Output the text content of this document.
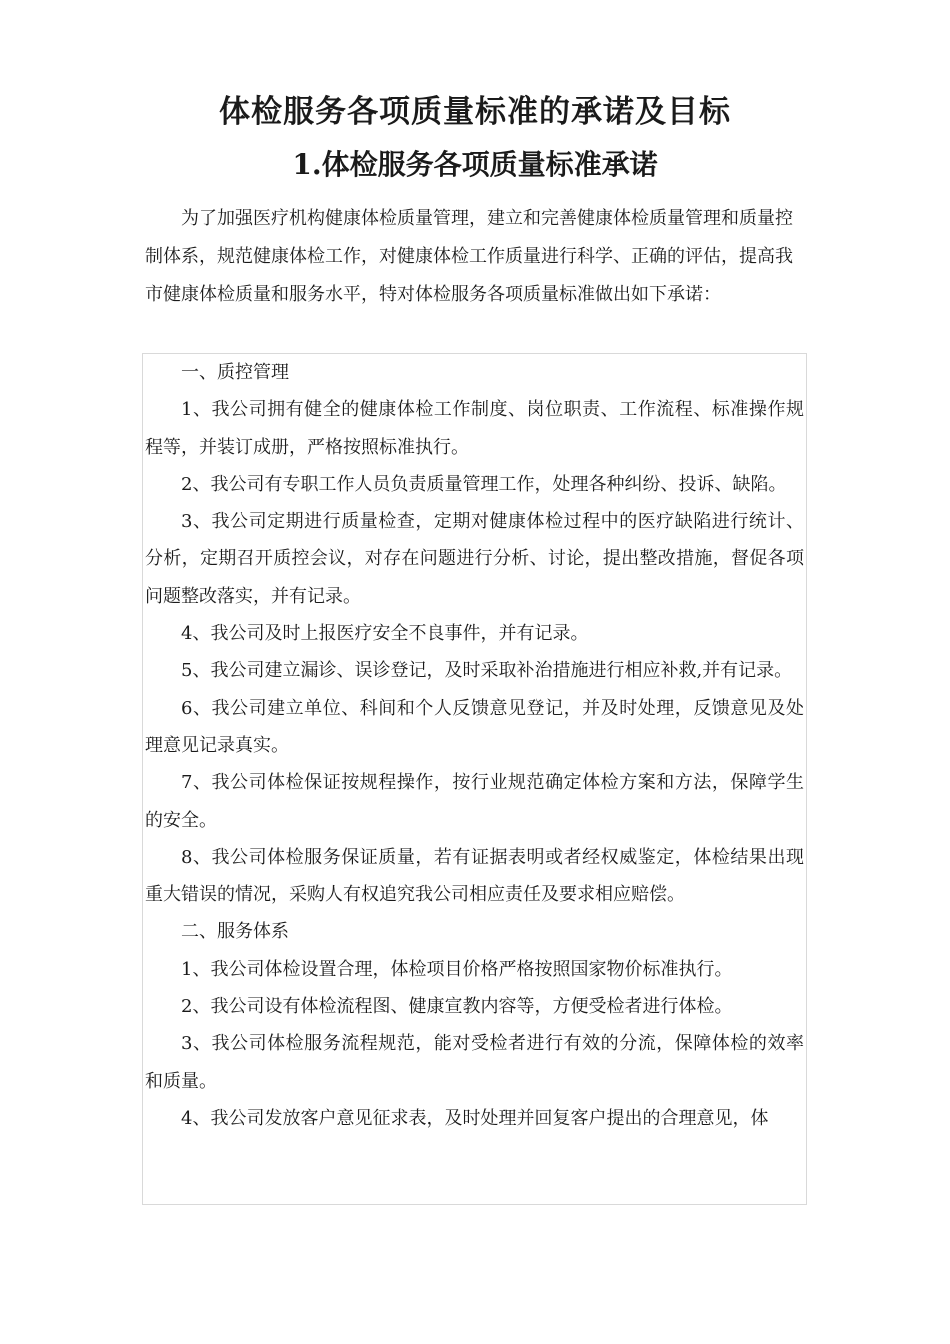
体检服务各项质量标准的承诺及目标
1.体检服务各项质量标准承诺

为了加强医疗机构健康体检质量管理，建立和完善健康体检质量管理和质量控制体系，规范健康体检工作，对健康体检工作质量进行科学、正确的评估，提高我市健康体检质量和服务水平，特对体检服务各项质量标准做出如下承诺：

一、质控管理

1、我公司拥有健全的健康体检工作制度、岗位职责、工作流程、标准操作规程等，并装订成册，严格按照标准执行。

2、我公司有专职工作人员负责质量管理工作，处理各种纠纷、投诉、缺陷。

3、我公司定期进行质量检查，定期对健康体检过程中的医疗缺陷进行统计、分析，定期召开质控会议，对存在问题进行分析、讨论，提出整改措施，督促各项问题整改落实，并有记录。

4、我公司及时上报医疗安全不良事件，并有记录。

5、我公司建立漏诊、误诊登记，及时采取补治措施进行相应补救,并有记录。

6、我公司建立单位、科间和个人反馈意见登记，并及时处理，反馈意见及处理意见记录真实。

7、我公司体检保证按规程操作，按行业规范确定体检方案和方法，保障学生的安全。

8、我公司体检服务保证质量，若有证据表明或者经权威鉴定，体检结果出现重大错误的情况，采购人有权追究我公司相应责任及要求相应赔偿。

二、服务体系

1、我公司体检设置合理，体检项目价格严格按照国家物价标准执行。

2、我公司设有体检流程图、健康宣教内容等，方便受检者进行体检。

3、我公司体检服务流程规范，能对受检者进行有效的分流，保障体检的效率和质量。

4、我公司发放客户意见征求表，及时处理并回复客户提出的合理意见，体
